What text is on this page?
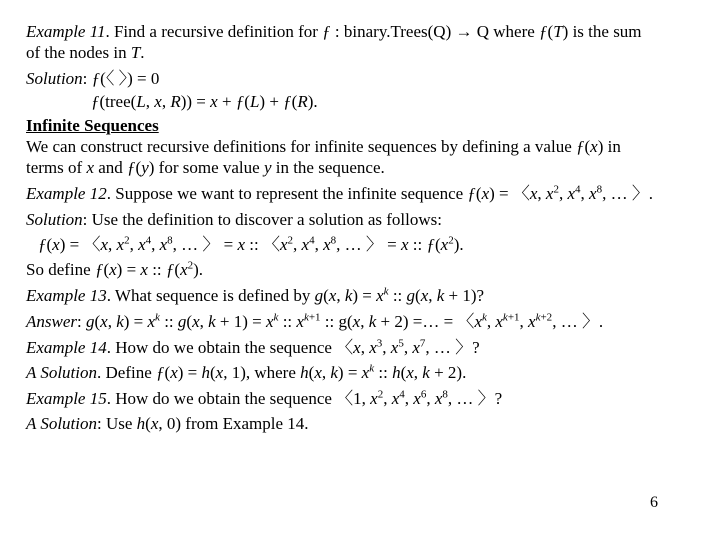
Example 11. Find a recursive definition for ƒ : binary.Trees(Q) → Q where ƒ(T) is the sum
of the nodes in T.
Solution: ƒ(〈 〉) = 0
ƒ(tree(L, x, R)) = x + ƒ(L) + ƒ(R).
Infinite Sequences
We can construct recursive definitions for infinite sequences by defining a value ƒ(x) in
terms of x and ƒ(y) for some value y in the sequence.
Example 12. Suppose we want to represent the infinite sequence ƒ(x) = 〈x, $x^2$, $x^4$, $x^8$, … 〉.
Solution: Use the definition to discover a solution as follows:
ƒ(x) = 〈x, $x^2$, $x^4$, $x^8$, … 〉 = x :: 〈$x^2$, $x^4$, $x^8$, … 〉 = x :: $ƒ(x^2)$.
So define ƒ(x) = x :: $ƒ(x^2)$.
Example 13. What sequence is defined by g(x, $k) = x^k$ :: g(x, k + 1)?
Answer: g(x, $k) = x^k$ :: g(x, $k + 1) = x^k$ :: $x^{k+1}$ :: g(x, k + 2) =… = 〈$x^k$, $x^{k+1}$, $x^{k+2}$, … 〉.
Example 14. How do we obtain the sequence 〈x, $x^3$, $x^5$, $x^7$, … 〉?
A Solution. Define ƒ(x) = h(x, 1), where h(x, $k) = x^k$ :: h(x, k + 2).
Example 15. How do we obtain the sequence 〈1, $x^2$, $x^4$, $x^6$, $x^8$, … 〉?
A Solution: Use h(x, 0) from Example 14.
6
